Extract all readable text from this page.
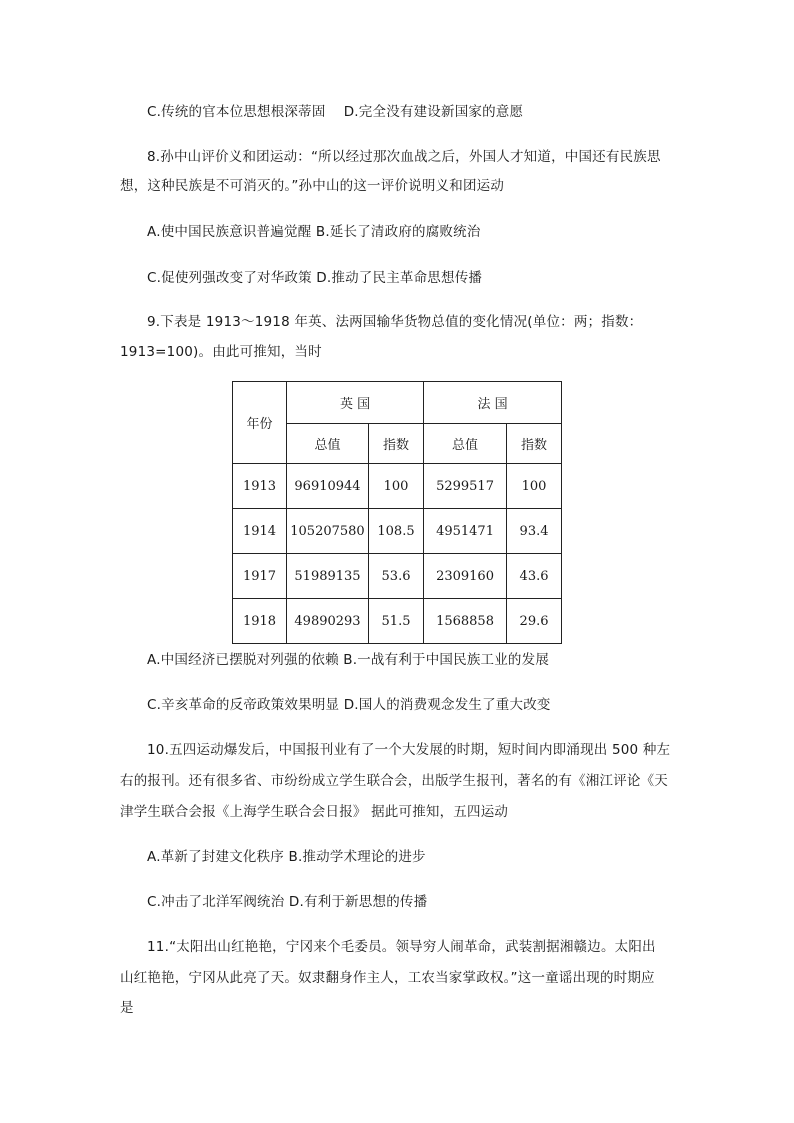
C.传统的官本位思想根深蒂固　 D.完全没有建设新国家的意愿
8.孙中山评价义和团运动：“所以经过那次血战之后，外国人才知道，中国还有民族思
想，这种民族是不可消灭的。”孙中山的这一评价说明义和团运动
A.使中国民族意识普遍觉醒 B.延长了清政府的腐败统治
C.促使列强改变了对华政策 D.推动了民主革命思想传播
9.下表是 1913～1918 年英、法两国输华货物总值的变化情况(单位：两；指数：
1913=100)。由此可推知，当时
年份	英 国		法 国	
	总值	指数	总值	指数
1913	96910944	100	5299517	100
1914	105207580	108.5	4951471	93.4
1917	51989135	53.6	2309160	43.6
1918	49890293	51.5	1568858	29.6
A.中国经济已摆脱对列强的依赖 B.一战有利于中国民族工业的发展
C.辛亥革命的反帝政策效果明显 D.国人的消费观念发生了重大改变
10.五四运动爆发后，中国报刊业有了一个大发展的时期，短时间内即涌现出 500 种左
右的报刊。还有很多省、市纷纷成立学生联合会，出版学生报刊，著名的有《湘江评论《天
津学生联合会报《上海学生联合会日报》 据此可推知，五四运动
A.革新了封建文化秩序 B.推动学术理论的进步
C.冲击了北洋军阀统治 D.有利于新思想的传播
11.“太阳出山红艳艳，宁冈来个毛委员。领导穷人闹革命，武装割据湘赣边。太阳出
山红艳艳，宁冈从此亮了天。奴隶翻身作主人，工农当家掌政权。”这一童谣出现的时期应
是
